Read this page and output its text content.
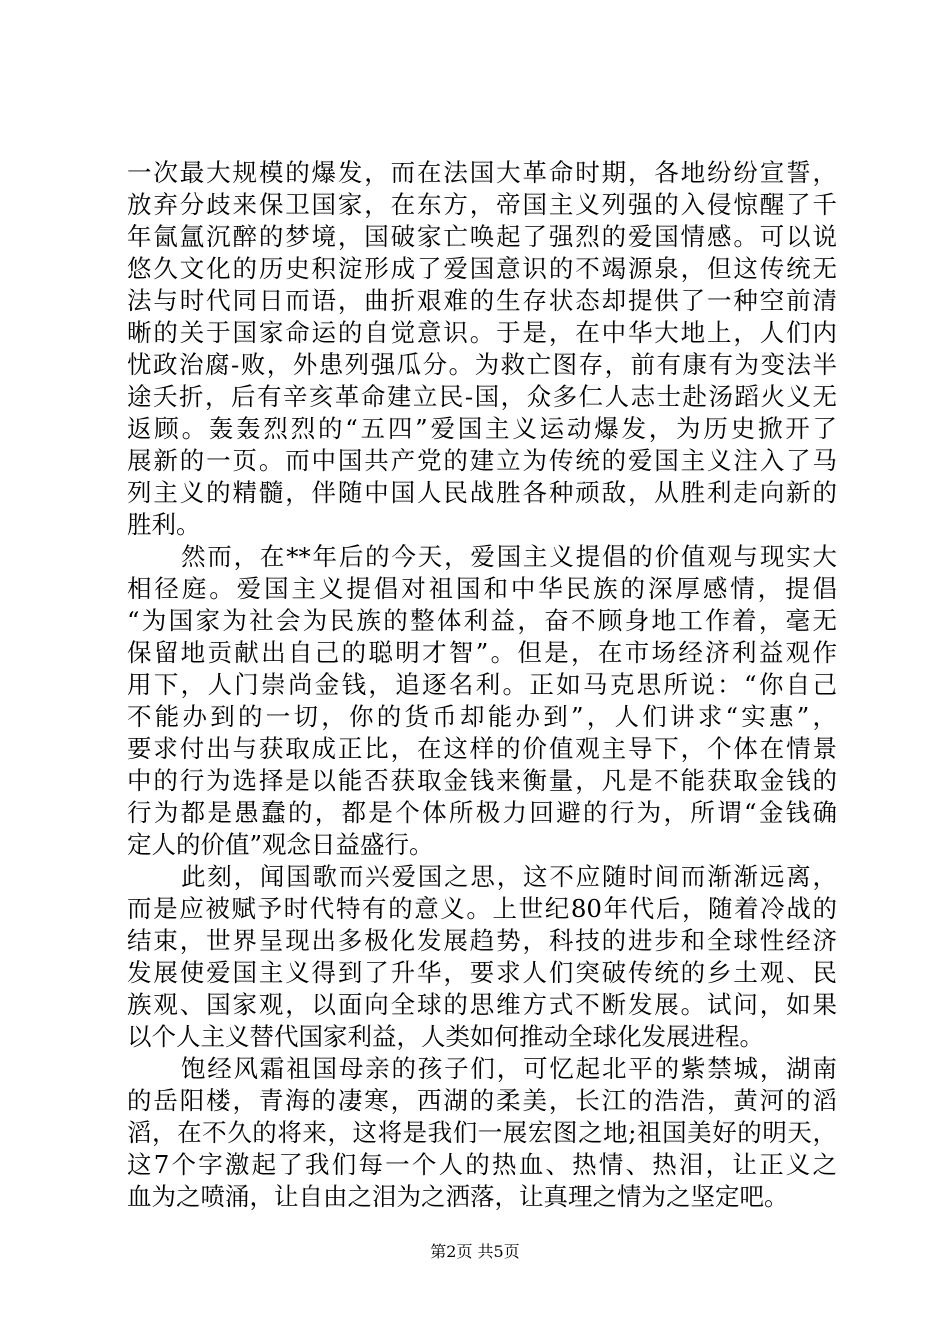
一次最大规模的爆发，而在法国大革命时期，各地纷纷宣誓，
放弃分歧来保卫国家，在东方，帝国主义列强的入侵惊醒了千
年氤氲沉醉的梦境，国破家亡唤起了强烈的爱国情感。可以说
悠久文化的历史积淀形成了爱国意识的不竭源泉，但这传统无
法与时代同日而语，曲折艰难的生存状态却提供了一种空前清
晰的关于国家命运的自觉意识。于是，在中华大地上，人们内
忧政治腐-败，外患列强瓜分。为救亡图存，前有康有为变法半
途夭折，后有辛亥革命建立民-国，众多仁人志士赴汤蹈火义无
返顾。轰轰烈烈的“五四”爱国主义运动爆发，为历史掀开了
展新的一页。而中国共产党的建立为传统的爱国主义注入了马
列主义的精髓，伴随中国人民战胜各种顽敌，从胜利走向新的
胜利。
然而，在**年后的今天，爱国主义提倡的价值观与现实大
相径庭。爱国主义提倡对祖国和中华民族的深厚感情，提倡
“为国家为社会为民族的整体利益，奋不顾身地工作着，毫无
保留地贡献出自己的聪明才智”。但是，在市场经济利益观作
用下，人门崇尚金钱，追逐名利。正如马克思所说：“你自己
不能办到的一切，你的货币却能办到”，人们讲求“实惠”，
要求付出与获取成正比，在这样的价值观主导下，个体在情景
中的行为选择是以能否获取金钱来衡量，凡是不能获取金钱的
行为都是愚蠢的，都是个体所极力回避的行为，所谓“金钱确
定人的价值”观念日益盛行。
此刻，闻国歌而兴爱国之思，这不应随时间而渐渐远离，
而是应被赋予时代特有的意义。上世纪80年代后，随着冷战的
结束，世界呈现出多极化发展趋势，科技的进步和全球性经济
发展使爱国主义得到了升华，要求人们突破传统的乡土观、民
族观、国家观，以面向全球的思维方式不断发展。试问，如果
以个人主义替代国家利益，人类如何推动全球化发展进程。
饱经风霜祖国母亲的孩子们，可忆起北平的紫禁城，湖南
的岳阳楼，青海的凄寒，西湖的柔美，长江的浩浩，黄河的滔
滔，在不久的将来，这将是我们一展宏图之地;祖国美好的明天，
这7个字激起了我们每一个人的热血、热情、热泪，让正义之
血为之喷涌，让自由之泪为之洒落，让真理之情为之坚定吧。
第2页 共5页
